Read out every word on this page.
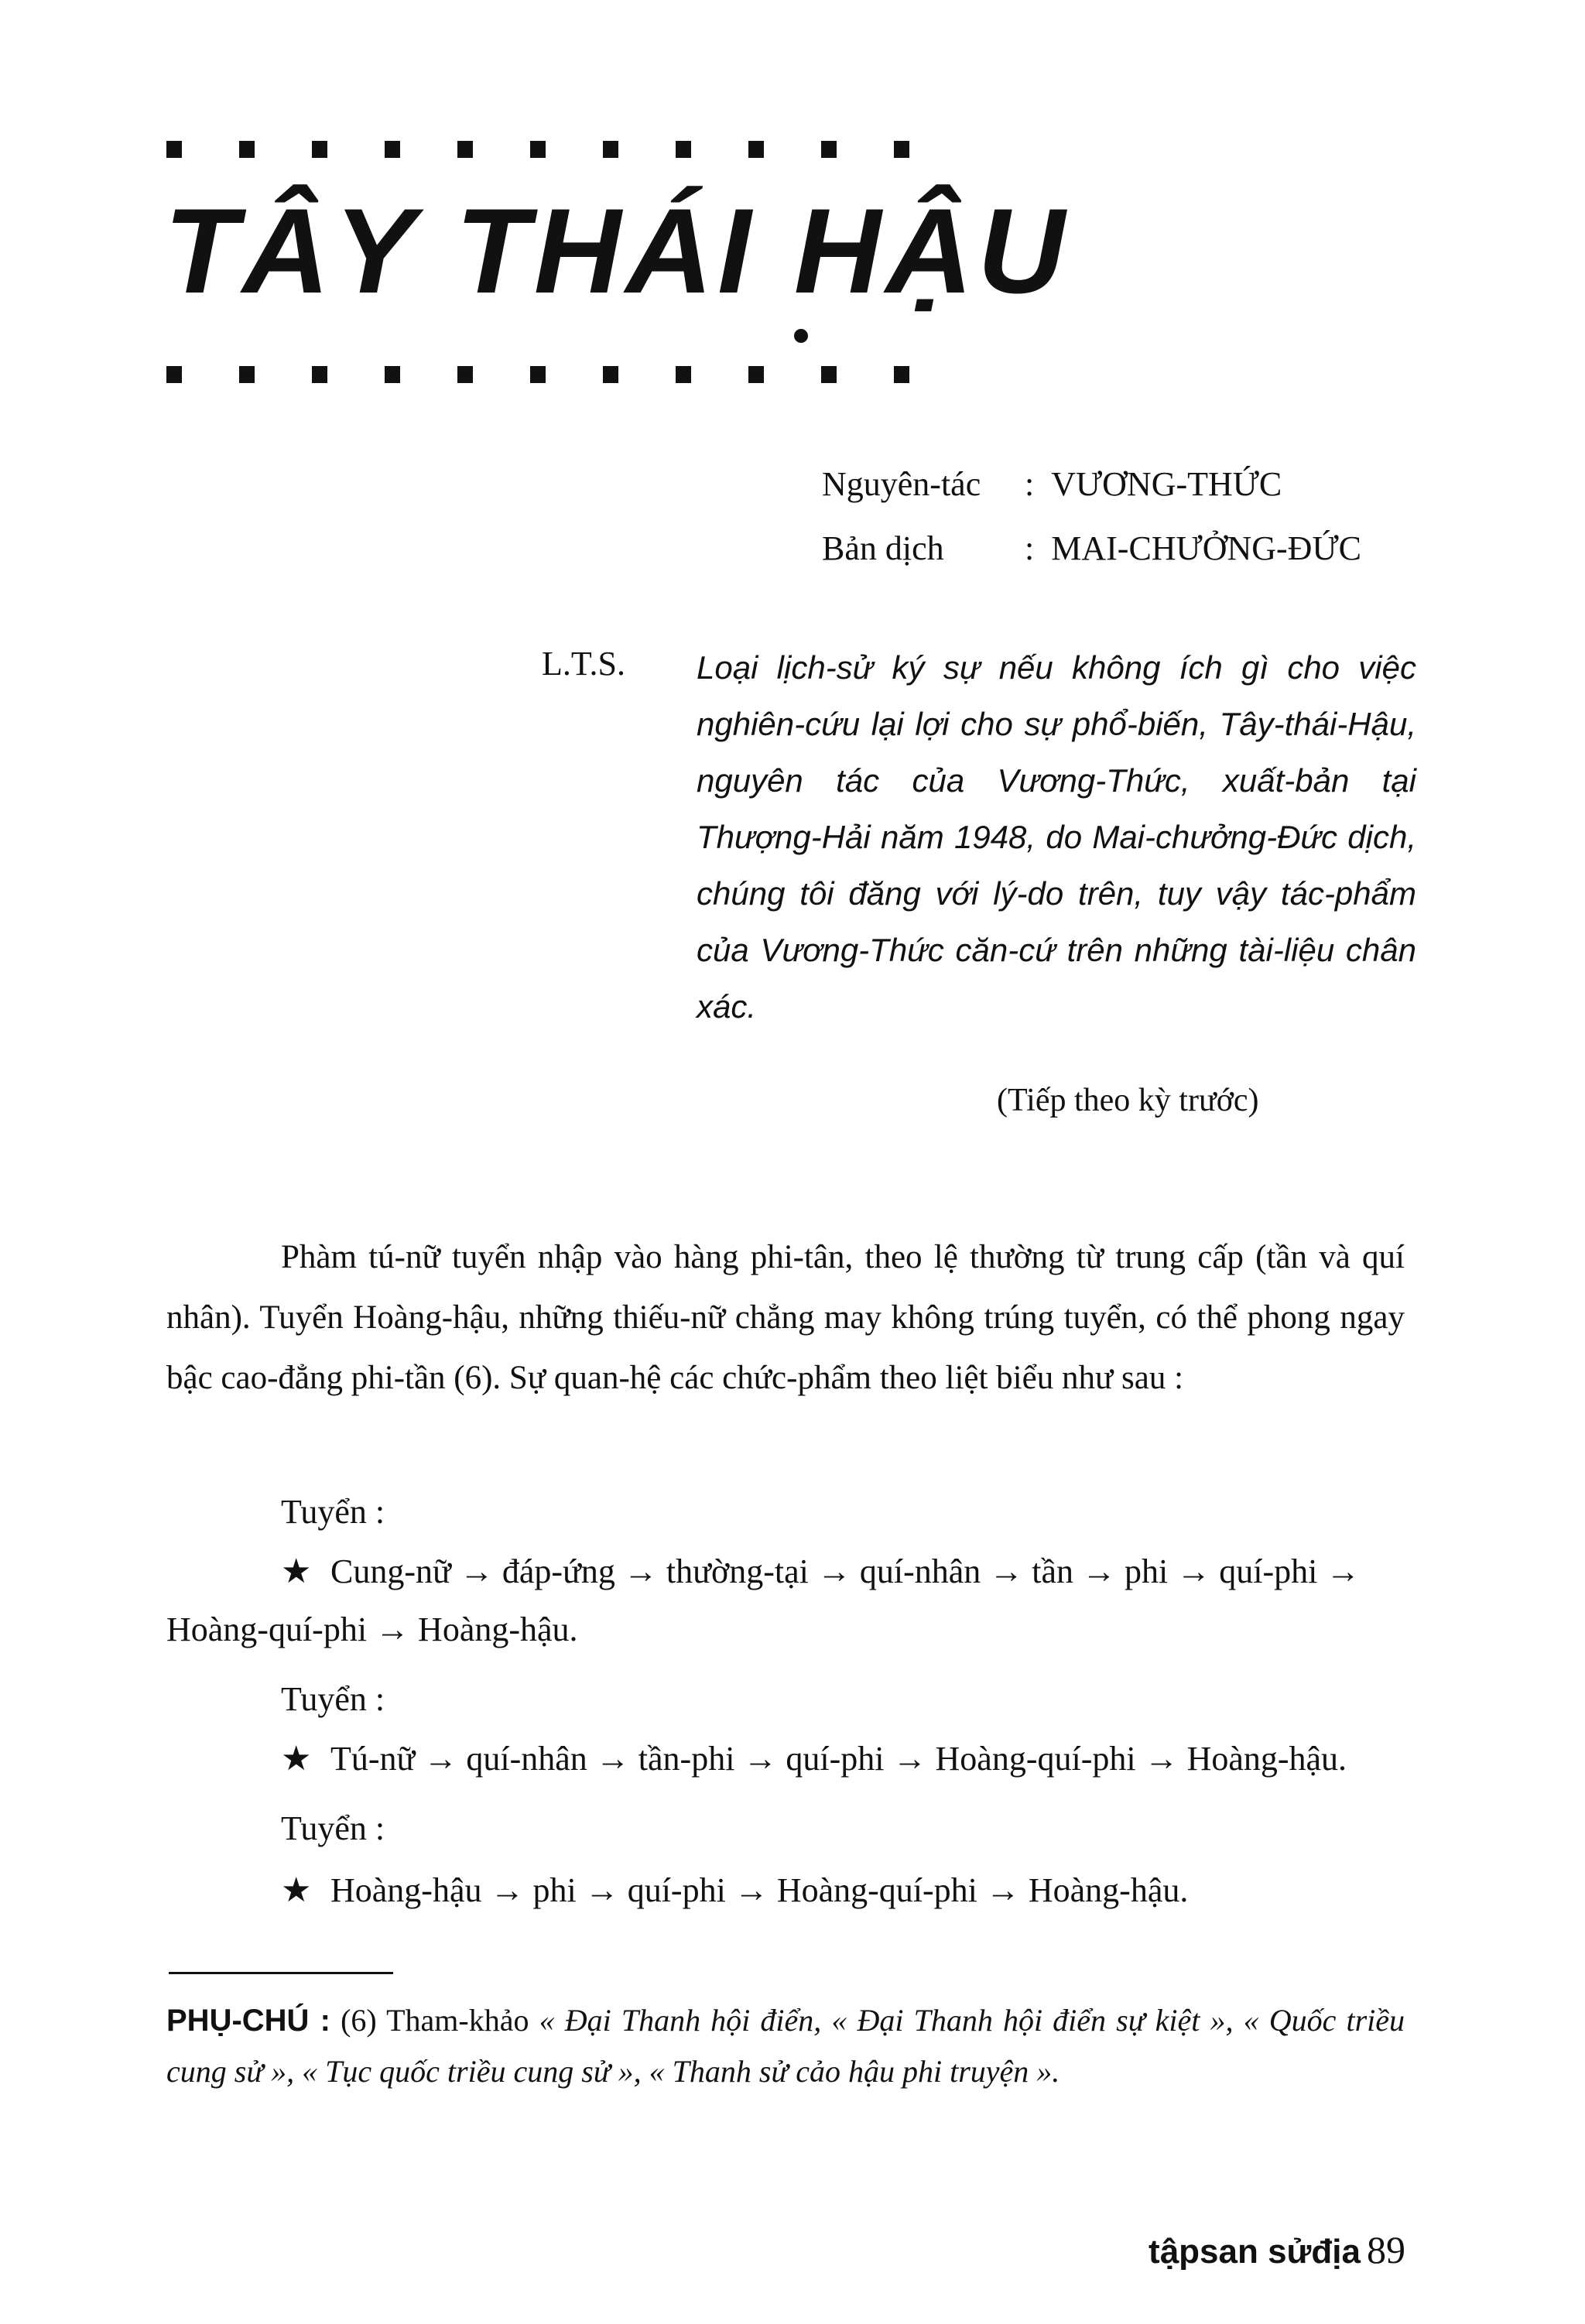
TÂY THÁI HẬU
Nguyên-tác : VƯƠNG-THỨC
Bản dịch : MAI-CHƯỞNG-ĐỨC
L.T.S. Loại lịch-sử ký sự nếu không ích gì cho việc nghiên-cứu lại lợi cho sự phổ-biến, Tây-thái-Hậu, nguyên tác của Vương-Thức, xuất-bản tại Thượng-Hải năm 1948, do Mai-chưởng-Đức dịch, chúng tôi đăng với lý-do trên, tuy vậy tác-phẩm của Vương-Thức căn-cứ trên những tài-liệu chân xác.
(Tiếp theo kỳ trước)
Phàm tú-nữ tuyển nhập vào hàng phi-tân, theo lệ thường từ trung cấp (tần và quí nhân). Tuyển Hoàng-hậu, những thiếu-nữ chẳng may không trúng tuyển, có thể phong ngay bậc cao-đẳng phi-tần (6). Sự quan-hệ các chức-phẩm theo liệt biểu như sau :
Tuyển :
★ Cung-nữ → đáp-ứng → thường-tại → quí-nhân → tần → phi → quí-phi →
Hoàng-quí-phi → Hoàng-hậu.
Tuyển :
★ Tú-nữ → quí-nhân → tần-phi → quí-phi → Hoàng-quí-phi → Hoàng-hậu.
Tuyển :
★ Hoàng-hậu → phi → quí-phi → Hoàng-quí-phi → Hoàng-hậu.
PHỤ-CHÚ : (6) Tham-khảo « Đại Thanh hội điển, « Đại Thanh hội điển sự kiệt », « Quốc triều cung sử », « Tục quốc triều cung sử », « Thanh sử cảo hậu phi truyện ».
tậpsan sửđịa 89
